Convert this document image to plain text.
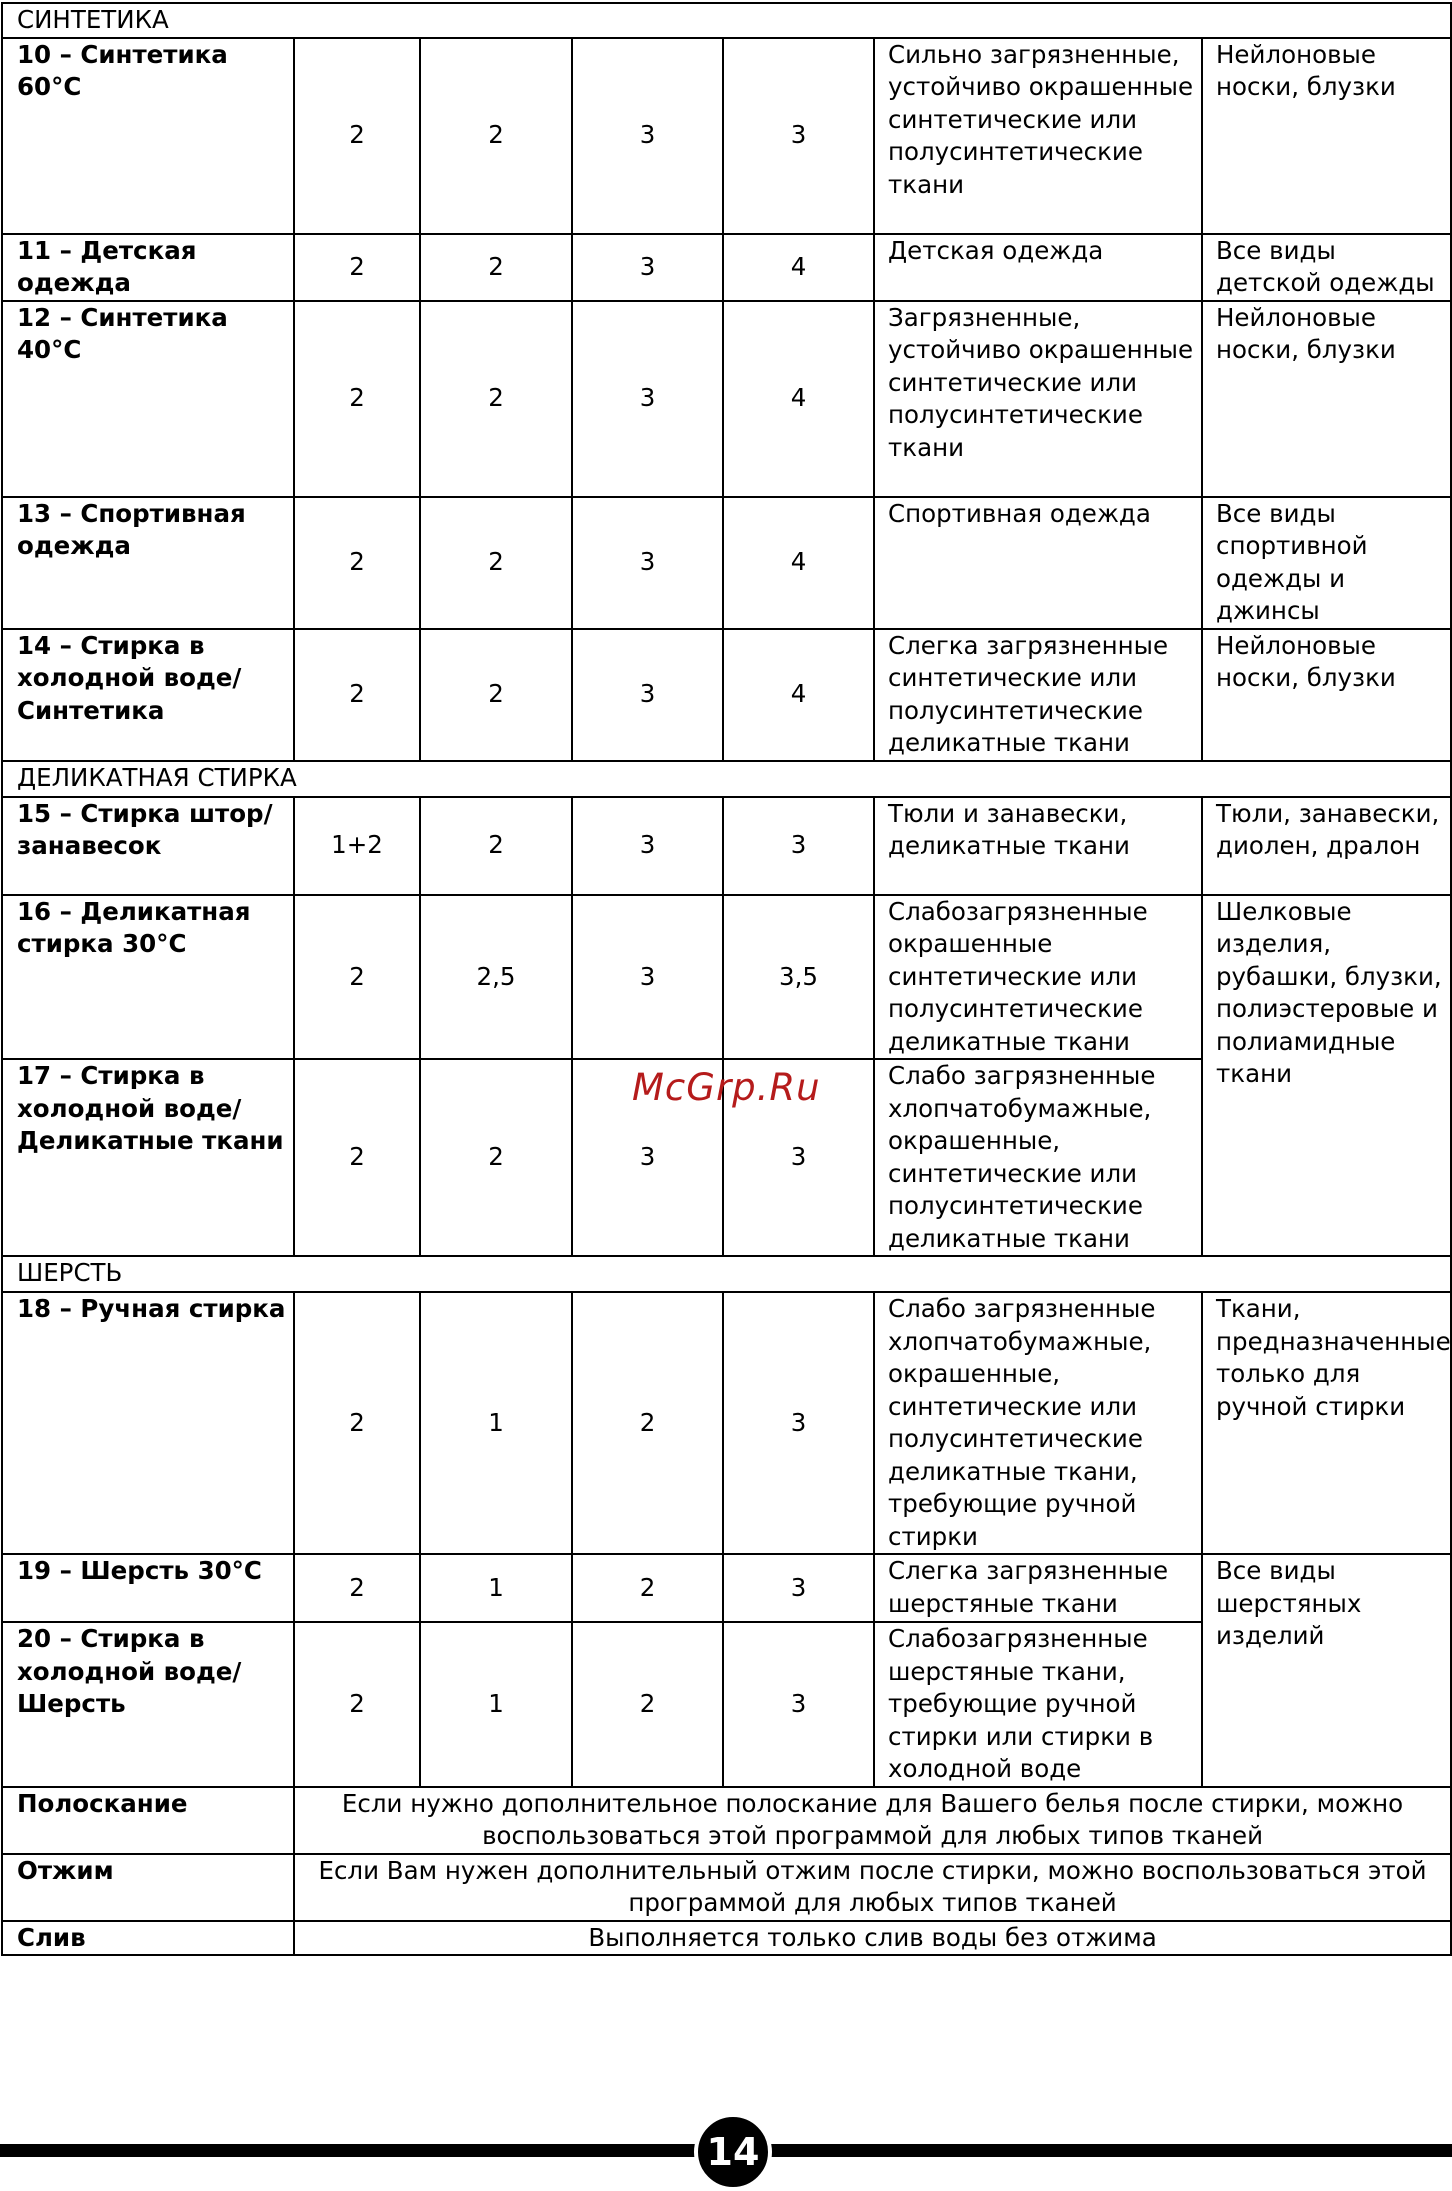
СИНТЕТИКА						
10 – Синтетика 60°C	2	2	3	3	Сильно загрязненные, устойчиво окрашенные синтетические или полусинтетические ткани	Нейлоновые носки, блузки
11 – Детская одежда	2	2	3	4	Детская одежда	Все виды детской одежды
12 – Синтетика 40°C	2	2	3	4	Загрязненные, устойчиво окрашенные синтетические или полусинтетические ткани	Нейлоновые носки, блузки
13 – Спортивная одежда	2	2	3	4	Спортивная одежда	Все виды спортивной одежды и джинсы
14 – Стирка в холодной воде/Синтетика	2	2	3	4	Слегка загрязненные синтетические или полусинтетические деликатные ткани	Нейлоновые носки, блузки
ДЕЛИКАТНАЯ СТИРКА						
15 – Стирка штор/занавесок	1+2	2	3	3	Тюли и занавески, деликатные ткани	Тюли, занавески, диолен, дралон
16 – Деликатная стирка 30°C	2	2,5	3	3,5	Слабозагрязненные окрашенные синтетические или полусинтетические деликатные ткани	Шелковые изделия, рубашки, блузки, полиэстеровые и полиамидные ткани
17 – Стирка в холодной воде/Деликатные ткани	2	2	3	3	Слабо загрязненные хлопчатобумажные, окрашенные, синтетические или полусинтетические деликатные ткани	
ШЕРСТЬ						
18 – Ручная стирка	2	1	2	3	Слабо загрязненные хлопчатобумажные, окрашенные, синтетические или полусинтетические деликатные ткани, требующие ручной стирки	Ткани, предназначенные только для ручной стирки
19 – Шерсть 30°C	2	1	2	3	Слегка загрязненные шерстяные ткани	Все виды шерстяных изделий
20 – Стирка в холодной воде/Шерсть	2	1	2	3	Слабозагрязненные шерстяные ткани, требующие ручной стирки или стирки в холодной воде	
Полоскание	Если нужно дополнительное полоскание для Вашего белья после стирки, можно воспользоваться этой программой для любых типов тканей					
Отжим	Если Вам нужен дополнительный отжим после стирки, можно воспользоваться этой программой для любых типов тканей					
Слив	Выполняется только слив воды без отжима					
McGrp.Ru
14
